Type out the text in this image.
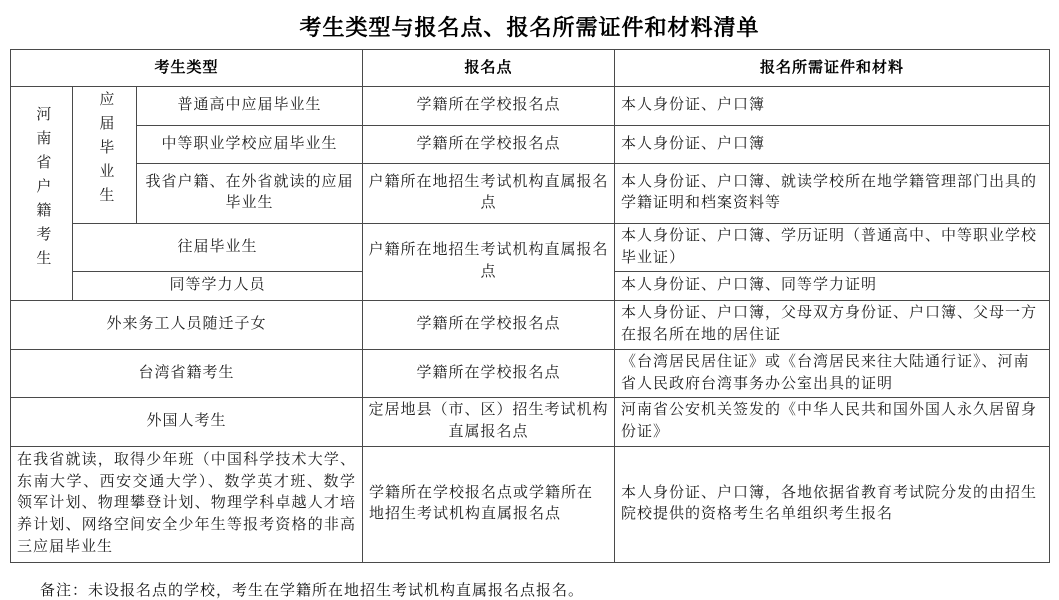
考生类型与报名点、报名所需证件和材料清单
考生类型			报名点	报名所需证件和材料
河南省户籍考生	应届毕业生	普通高中应届毕业生	学籍所在学校报名点	本人身份证、户口簿
		中等职业学校应届毕业生	学籍所在学校报名点	本人身份证、户口簿
		我省户籍、在外省就读的应届毕业生	户籍所在地招生考试机构直属报名点	本人身份证、户口簿、就读学校所在地学籍管理部门出具的学籍证明和档案资料等
	往届毕业生		户籍所在地招生考试机构直属报名点	本人身份证、户口簿、学历证明（普通高中、中等职业学校毕业证）
	同等学力人员			本人身份证、户口簿、同等学力证明
外来务工人员随迁子女			学籍所在学校报名点	本人身份证、户口簿，父母双方身份证、户口簿、父母一方在报名所在地的居住证
台湾省籍考生			学籍所在学校报名点	《台湾居民居住证》或《台湾居民来往大陆通行证》、河南省人民政府台湾事务办公室出具的证明
外国人考生			定居地县（市、区）招生考试机构直属报名点	河南省公安机关签发的《中华人民共和国外国人永久居留身份证》
在我省就读，取得少年班（中国科学技术大学、东南大学、西安交通大学）、数学英才班、数学领军计划、物理攀登计划、物理学科卓越人才培养计划、网络空间安全少年生等报考资格的非高三应届毕业生			学籍所在学校报名点或学籍所在地招生考试机构直属报名点	本人身份证、户口簿，各地依据省教育考试院分发的由招生院校提供的资格考生名单组织考生报名
备注：未设报名点的学校，考生在学籍所在地招生考试机构直属报名点报名。
